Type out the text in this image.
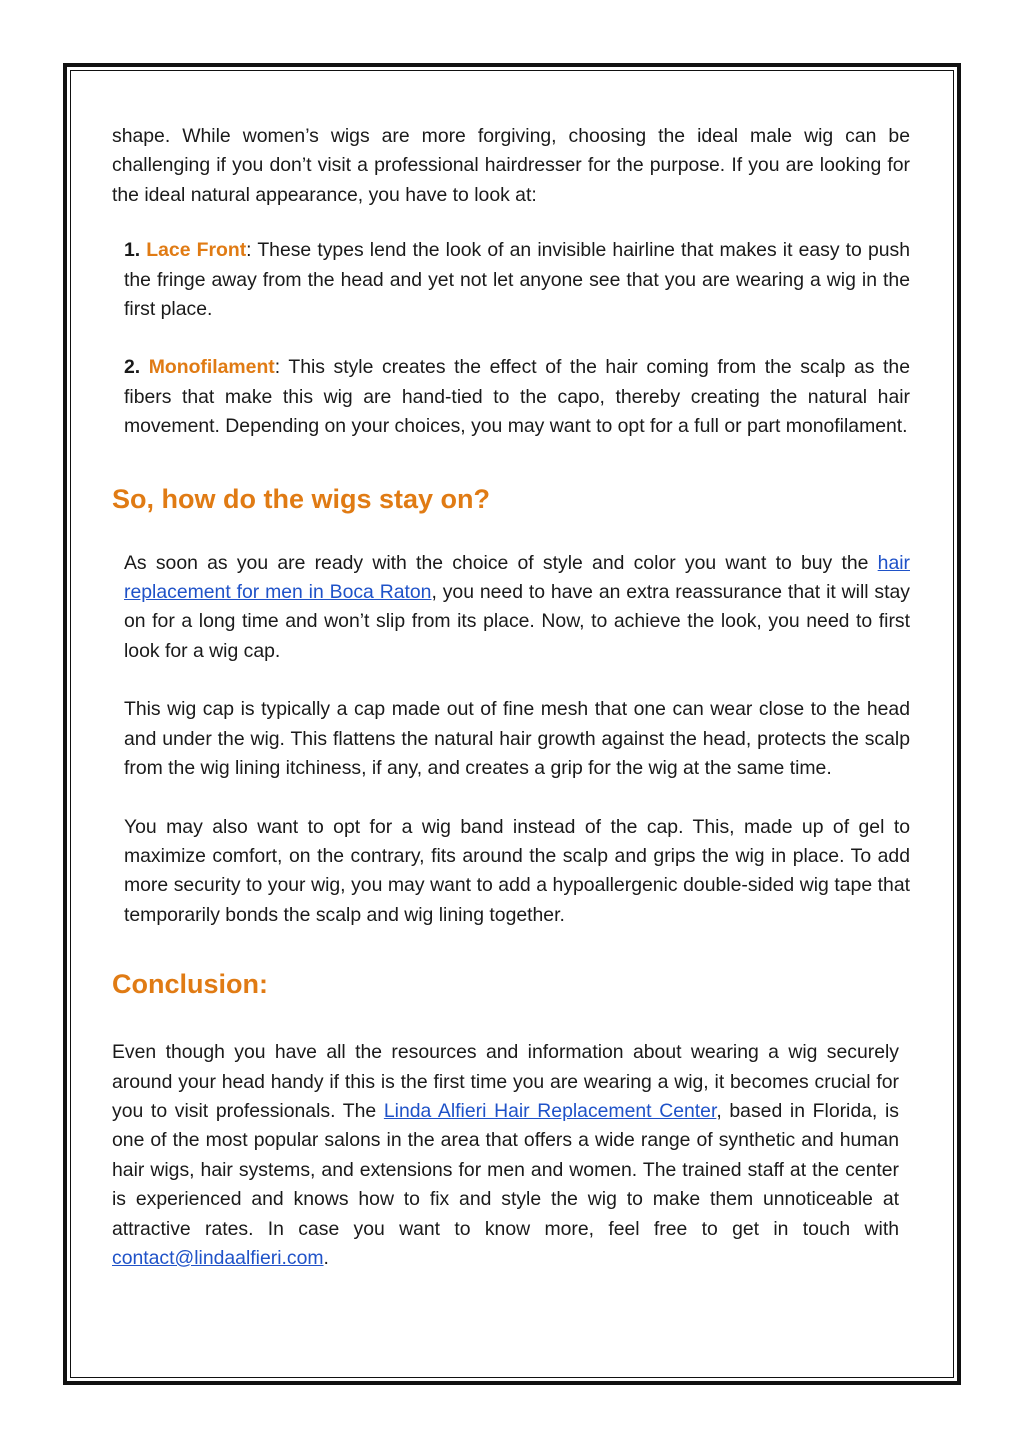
shape. While women’s wigs are more forgiving, choosing the ideal male wig can be challenging if you don’t visit a professional hairdresser for the purpose. If you are looking for the ideal natural appearance, you have to look at:

1. Lace Front: These types lend the look of an invisible hairline that makes it easy to push the fringe away from the head and yet not let anyone see that you are wearing a wig in the first place.

2. Monofilament: This style creates the effect of the hair coming from the scalp as the fibers that make this wig are hand-tied to the capo, thereby creating the natural hair movement. Depending on your choices, you may want to opt for a full or part monofilament.

So, how do the wigs stay on?

As soon as you are ready with the choice of style and color you want to buy the hair replacement for men in Boca Raton, you need to have an extra reassurance that it will stay on for a long time and won’t slip from its place. Now, to achieve the look, you need to first look for a wig cap.

This wig cap is typically a cap made out of fine mesh that one can wear close to the head and under the wig. This flattens the natural hair growth against the head, protects the scalp from the wig lining itchiness, if any, and creates a grip for the wig at the same time.

You may also want to opt for a wig band instead of the cap. This, made up of gel to maximize comfort, on the contrary, fits around the scalp and grips the wig in place. To add more security to your wig, you may want to add a hypoallergenic double-sided wig tape that temporarily bonds the scalp and wig lining together.

Conclusion:

Even though you have all the resources and information about wearing a wig securely around your head handy if this is the first time you are wearing a wig, it becomes crucial for you to visit professionals. The Linda Alfieri Hair Replacement Center, based in Florida, is one of the most popular salons in the area that offers a wide range of synthetic and human hair wigs, hair systems, and extensions for men and women. The trained staff at the center is experienced and knows how to fix and style the wig to make them unnoticeable at attractive rates. In case you want to know more, feel free to get in touch with contact@lindaalfieri.com.
